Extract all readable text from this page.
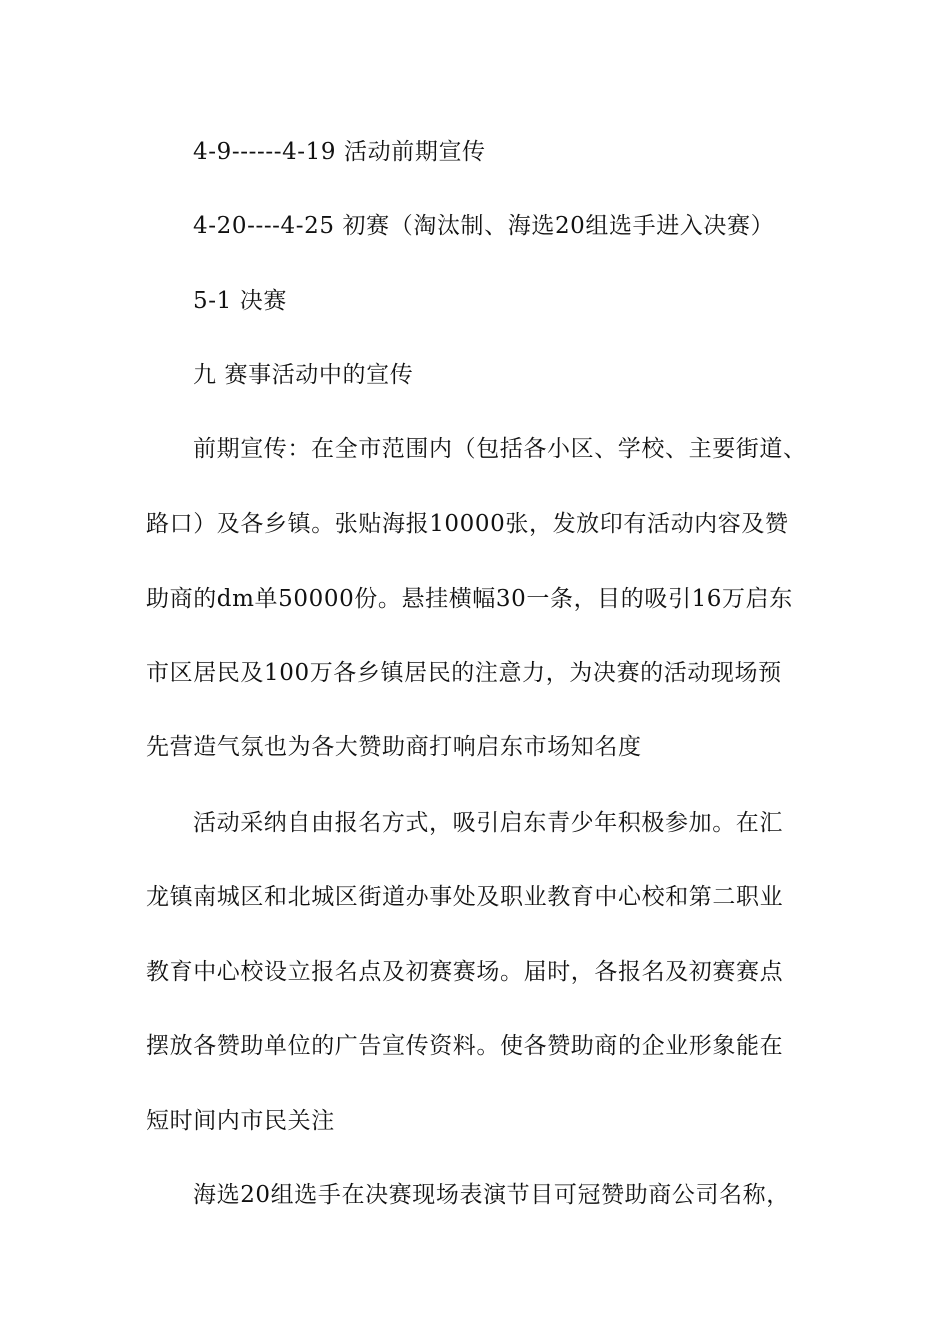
4-9------4-19 活动前期宣传
4-20----4-25 初赛（淘汰制、海选20组选手进入决赛）
5-1 决赛
九 赛事活动中的宣传
前期宣传：在全市范围内（包括各小区、学校、主要街道、
路口）及各乡镇。张贴海报10000张，发放印有活动内容及赞
助商的dm单50000份。悬挂横幅30一条，目的吸引16万启东
市区居民及100万各乡镇居民的注意力，为决赛的活动现场预
先营造气氛也为各大赞助商打响启东市场知名度
活动采纳自由报名方式，吸引启东青少年积极参加。在汇
龙镇南城区和北城区街道办事处及职业教育中心校和第二职业
教育中心校设立报名点及初赛赛场。届时，各报名及初赛赛点
摆放各赞助单位的广告宣传资料。使各赞助商的企业形象能在
短时间内市民关注
海选20组选手在决赛现场表演节目可冠赞助商公司名称，
